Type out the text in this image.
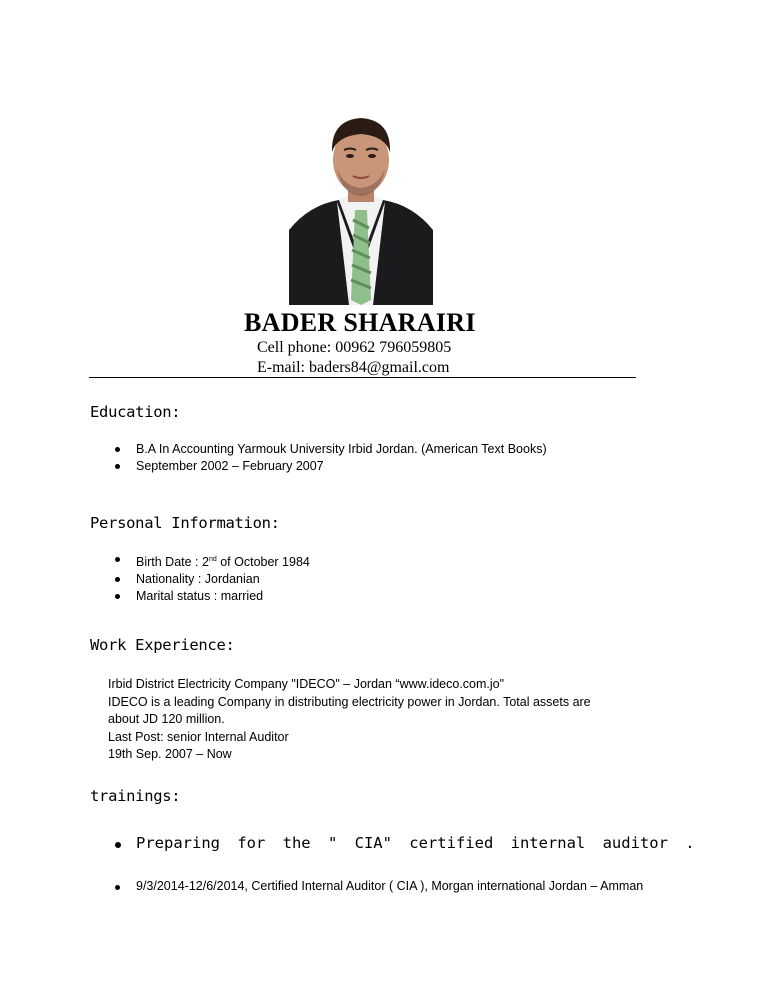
BADER SHARAIRI
Cell phone: 00962 796059805
E-mail: baders84@gmail.com
Education:
B.A In Accounting Yarmouk University Irbid Jordan. (American Text Books)
September 2002 – February 2007
Personal Information:
Birth Date : 2nd of October 1984
Nationality : Jordanian
Marital status : married
Work Experience:
Irbid District Electricity Company "IDECO" – Jordan “www.ideco.com.jo"
IDECO is a leading Company in distributing electricity power in Jordan. Total assets are
about JD 120 million.
Last Post: senior Internal Auditor
19th Sep. 2007 – Now
trainings:
Preparing for the " CIA" certified internal auditor .
9/3/2014-12/6/2014, Certified Internal Auditor ( CIA ), Morgan international Jordan – Amman
